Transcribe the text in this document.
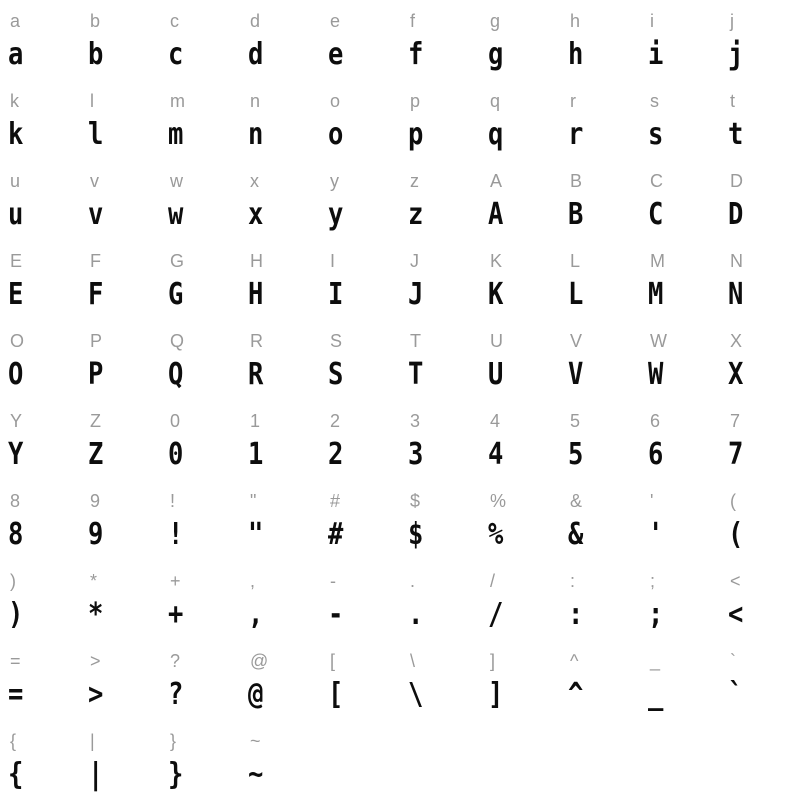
a
a
b
b
c
c
d
d
e
e
f
f
g
g
h
h
i
i
j
j
k
k
l
l
m
m
n
n
o
o
p
p
q
q
r
r
s
s
t
t
u
u
v
v
w
w
x
x
y
y
z
z
A
A
B
B
C
C
D
D
E
E
F
F
G
G
H
H
I
I
J
J
K
K
L
L
M
M
N
N
O
O
P
P
Q
Q
R
R
S
S
T
T
U
U
V
V
W
W
X
X
Y
Y
Z
Z
0
0
1
1
2
2
3
3
4
4
5
5
6
6
7
7
8
8
9
9
!
!
"
"
#
#
$
$
%
%
&
&
'
'
(
(
)
)
*
*
+
+
,
,
-
-
.
.
/
/
:
:
;
;
<
<
=
=
>
>
?
?
@
@
[
[
\
\
]
]
^
^
_
_
`
`
{
{
|
|
}
}
~
~
